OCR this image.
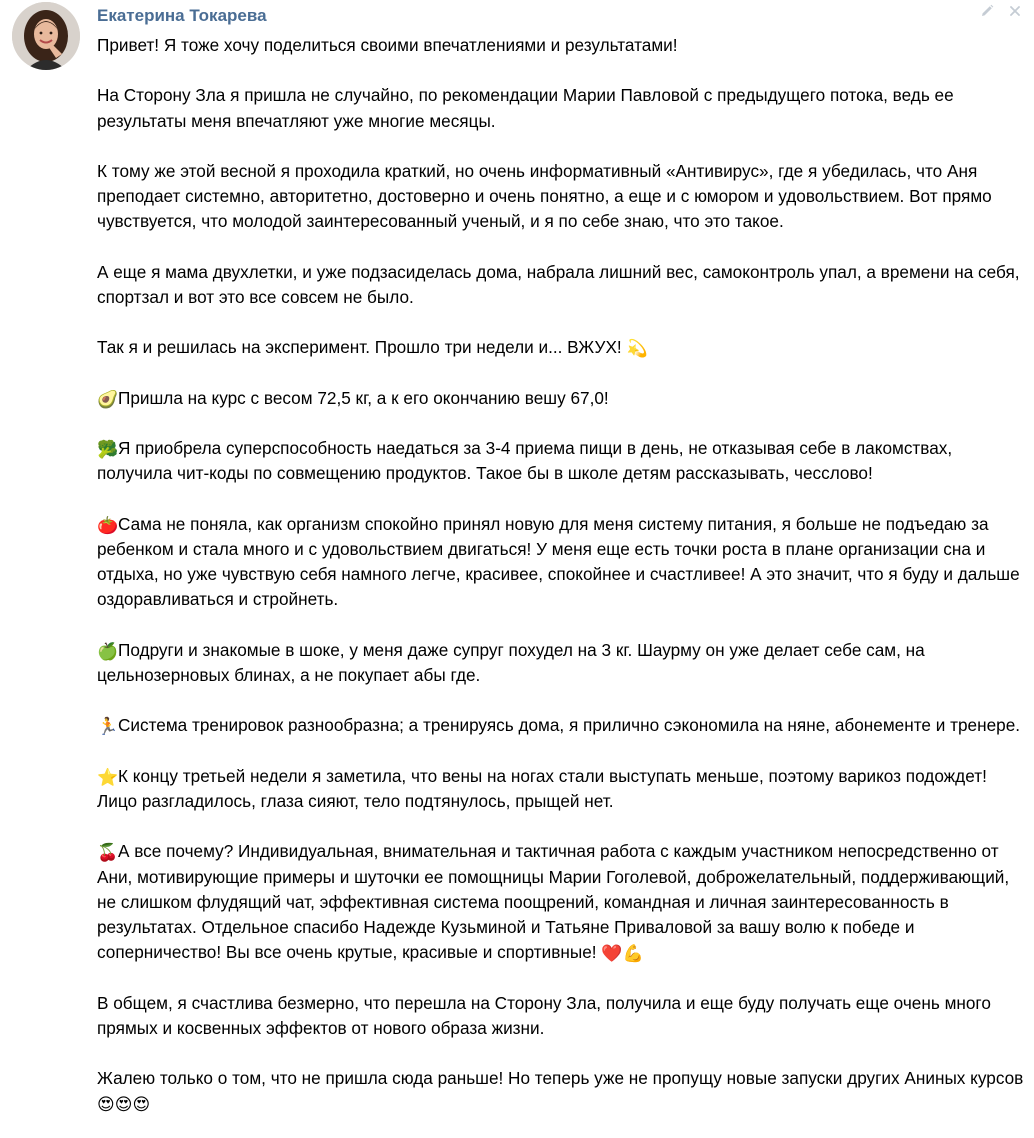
Екатерина Токарева

Привет! Я тоже хочу поделиться своими впечатлениями и результатами!

На Сторону Зла я пришла не случайно, по рекомендации Марии Павловой с предыдущего потока, ведь ее результаты меня впечатляют уже многие месяцы.

К тому же этой весной я проходила краткий, но очень информативный «Антивирус», где я убедилась, что Аня преподает системно, авторитетно, достоверно и очень понятно, а еще и с юмором и удовольствием. Вот прямо чувствуется, что молодой заинтересованный ученый, и я по себе знаю, что это такое.

А еще я мама двухлетки, и уже подзасиделась дома, набрала лишний вес, самоконтроль упал, а времени на себя, спортзал и вот это все совсем не было.

Так я и решилась на эксперимент. Прошло три недели и... ВЖУХ! 💫

🥑Пришла на курс с весом 72,5 кг, а к его окончанию вешу 67,0!

🥦Я приобрела суперспособность наедаться за 3-4 приема пищи в день, не отказывая себе в лакомствах, получила чит-коды по совмещению продуктов. Такое бы в школе детям рассказывать, чесслово!

🍅Сама не поняла, как организм спокойно принял новую для меня систему питания, я больше не подъедаю за ребенком и стала много и с удовольствием двигаться! У меня еще есть точки роста в плане организации сна и отдыха, но уже чувствую себя намного легче, красивее, спокойнее и счастливее! А это значит, что я буду и дальше оздоравливаться и стройнеть.

🍏Подруги и знакомые в шоке, у меня даже супруг похудел на 3 кг. Шаурму он уже делает себе сам, на цельнозерновых блинах, а не покупает абы где.

🏃Система тренировок разнообразна; а тренируясь дома, я прилично сэкономила на няне, абонементе и тренере.

⭐К концу третьей недели я заметила, что вены на ногах стали выступать меньше, поэтому варикоз подождет! Лицо разгладилось, глаза сияют, тело подтянулось, прыщей нет.

🍒А все почему? Индивидуальная, внимательная и тактичная работа с каждым участником непосредственно от Ани, мотивирующие примеры и шуточки ее помощницы Марии Гоголевой, доброжелательный, поддерживающий, не слишком флудящий чат, эффективная система поощрений, командная и личная заинтересованность в результатах. Отдельное спасибо Надежде Кузьминой и Татьяне Приваловой за вашу волю к победе и соперничество! Вы все очень крутые, красивые и спортивные! ❤️💪

В общем, я счастлива безмерно, что перешла на Сторону Зла, получила и еще буду получать еще очень много прямых и косвенных эффектов от нового образа жизни.

Жалею только о том, что не пришла сюда раньше! Но теперь уже не пропущу новые запуски других Аниных курсов 😍😍😍
